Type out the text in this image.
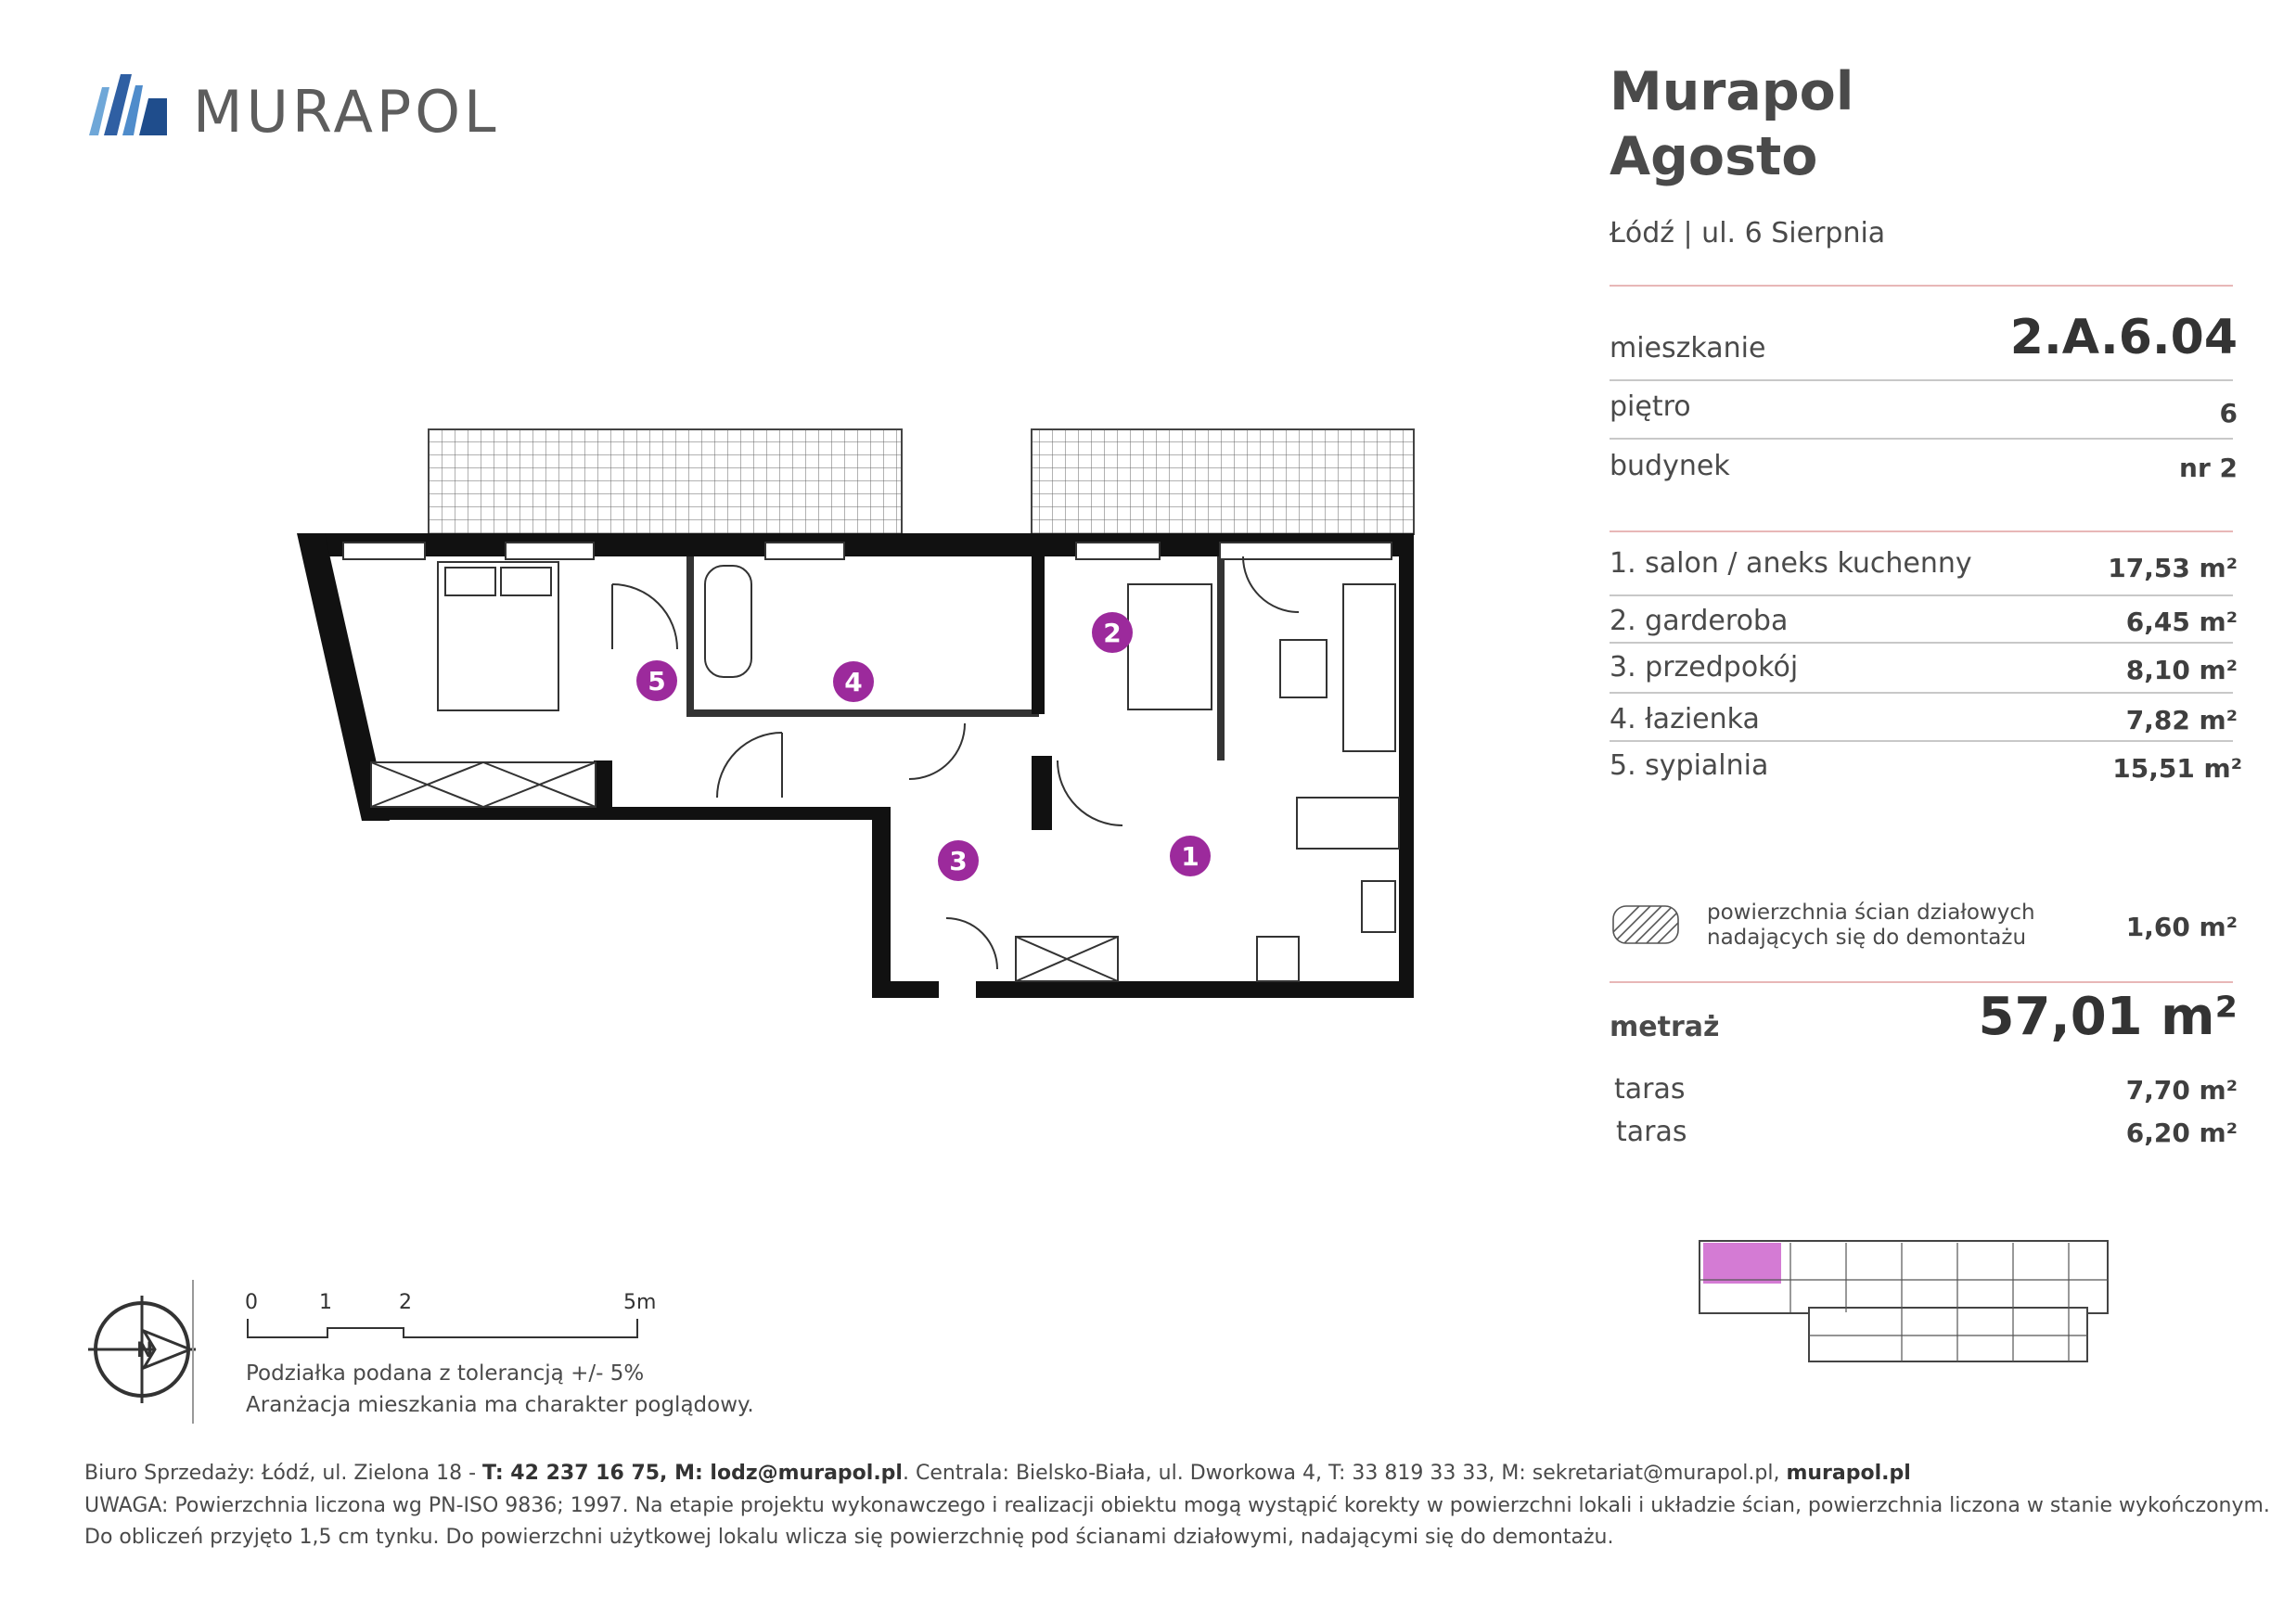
MURAPOL	Murapol
Agosto
Łódź | ul. 6 Sierpnia
mieszkanie	2.A.6.04
piętro	6
budynek	nr 2
1. salon / aneks kuchenny	17,53 m²
2. garderoba	6,45 m²
3. przedpokój	8,10 m²
4. łazienka	7,82 m²
5. sypialnia	15,51 m²
powierzchnia ścian działowych
nadających się do demontażu	1,60 m²
metraż	57,01 m²
taras	7,70 m²
taras	6,20 m²
1
2
3
4
5
N
0	1	2	5m
Podziałka podana z tolerancją +/- 5%
Aranżacja mieszkania ma charakter poglądowy.
Biuro Sprzedaży: Łódź, ul. Zielona 18 - T: 42 237 16 75, M: lodz@murapol.pl. Centrala: Bielsko-Biała, ul. Dworkowa 4, T: 33 819 33 33, M: sekretariat@murapol.pl, murapol.pl
UWAGA: Powierzchnia liczona wg PN-ISO 9836; 1997. Na etapie projektu wykonawczego i realizacji obiektu mogą wystąpić korekty w powierzchni lokali i układzie ścian, powierzchnia liczona w stanie wykończonym.
Do obliczeń przyjęto 1,5 cm tynku. Do powierzchni użytkowej lokalu wlicza się powierzchnię pod ścianami działowymi, nadającymi się do demontażu.
